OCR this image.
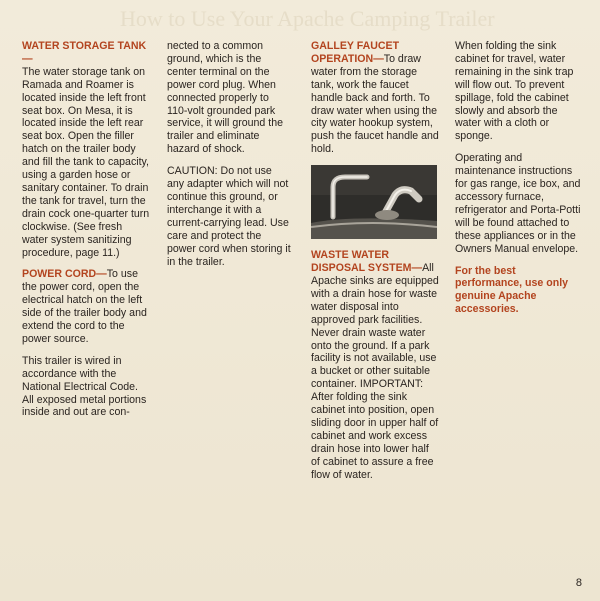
How to Use Your Apache Camping Trailer

WATER STORAGE TANK—
The water storage tank on Ramada and Roamer is located inside the left front seat box. On Mesa, it is located inside the left rear seat box. Open the filler hatch on the trailer body and fill the tank to capacity, using a garden hose or sanitary container. To drain the tank for travel, turn the drain cock one-quarter turn clockwise. (See fresh water system sanitizing procedure, page 11.)

POWER CORD—To use the power cord, open the electrical hatch on the left side of the trailer body and extend the cord to the power source.

This trailer is wired in accordance with the National Electrical Code. All exposed metal portions inside and out are con-

nected to a common ground, which is the center terminal on the power cord plug. When connected properly to 110-volt grounded park service, it will ground the trailer and eliminate hazard of shock.

CAUTION: Do not use any adapter which will not continue this ground, or interchange it with a current-carrying lead. Use care and protect the power cord when storing it in the trailer.

GALLEY FAUCET OPERATION—To draw water from the storage tank, work the faucet handle back and forth. To draw water when using the city water hookup system, push the faucet handle and hold.

WASTE WATER DISPOSAL SYSTEM—All Apache sinks are equipped with a drain hose for waste water disposal into approved park facilities. Never drain waste water onto the ground. If a park facility is not available, use a bucket or other suitable container. IMPORTANT: After folding the sink cabinet into position, open sliding door in upper half of cabinet and work excess drain hose into lower half of cabinet to assure a free flow of water.

When folding the sink cabinet for travel, water remaining in the sink trap will flow out. To prevent spillage, fold the cabinet slowly and absorb the water with a cloth or sponge.

Operating and maintenance instructions for gas range, ice box, and accessory furnace, refrigerator and Porta-Potti will be found attached to these appliances or in the Owners Manual envelope.

For the best performance, use only genuine Apache accessories.

8
